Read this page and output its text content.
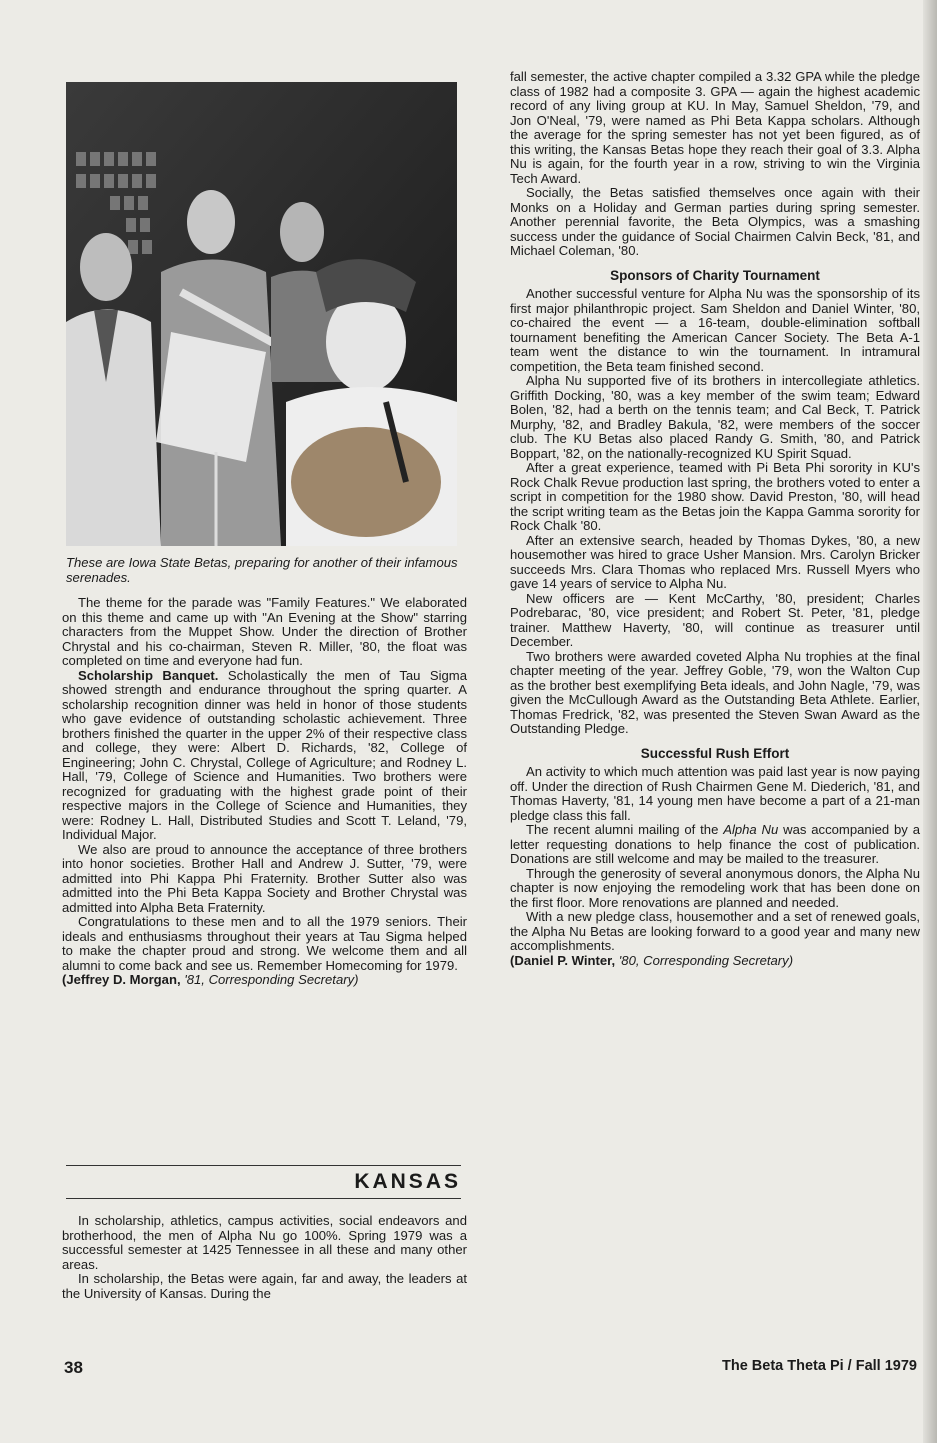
These are Iowa State Betas, preparing for another of their infamous serenades.

The theme for the parade was "Family Features." We elaborated on this theme and came up with "An Evening at the Show" starring characters from the Muppet Show. Under the direction of Brother Chrystal and his co-chairman, Steven R. Miller, '80, the float was completed on time and everyone had fun.

Scholarship Banquet. Scholastically the men of Tau Sigma showed strength and endurance throughout the spring quarter. A scholarship recognition dinner was held in honor of those students who gave evidence of outstanding scholastic achievement. Three brothers finished the quarter in the upper 2% of their respective class and college, they were: Albert D. Richards, '82, College of Engineering; John C. Chrystal, College of Agriculture; and Rodney L. Hall, '79, College of Science and Humanities. Two brothers were recognized for graduating with the highest grade point of their respective majors in the College of Science and Humanities, they were: Rodney L. Hall, Distributed Studies and Scott T. Leland, '79, Individual Major.

We also are proud to announce the acceptance of three brothers into honor societies. Brother Hall and Andrew J. Sutter, '79, were admitted into Phi Kappa Phi Fraternity. Brother Sutter also was admitted into the Phi Beta Kappa Society and Brother Chrystal was admitted into Alpha Beta Fraternity.

Congratulations to these men and to all the 1979 seniors. Their ideals and enthusiasms throughout their years at Tau Sigma helped to make the chapter proud and strong. We welcome them and all alumni to come back and see us. Remember Homecoming for 1979.

(Jeffrey D. Morgan, '81, Corresponding Secretary)

KANSAS

In scholarship, athletics, campus activities, social endeavors and brotherhood, the men of Alpha Nu go 100%. Spring 1979 was a successful semester at 1425 Tennessee in all these and many other areas.

In scholarship, the Betas were again, far and away, the leaders at the University of Kansas. During the

fall semester, the active chapter compiled a 3.32 GPA while the pledge class of 1982 had a composite 3. GPA — again the highest academic record of any living group at KU. In May, Samuel Sheldon, '79, and Jon O'Neal, '79, were named as Phi Beta Kappa scholars. Although the average for the spring semester has not yet been figured, as of this writing, the Kansas Betas hope they reach their goal of 3.3. Alpha Nu is again, for the fourth year in a row, striving to win the Virginia Tech Award.

Socially, the Betas satisfied themselves once again with their Monks on a Holiday and German parties during spring semester. Another perennial favorite, the Beta Olympics, was a smashing success under the guidance of Social Chairmen Calvin Beck, '81, and Michael Coleman, '80.

Sponsors of Charity Tournament

Another successful venture for Alpha Nu was the sponsorship of its first major philanthropic project. Sam Sheldon and Daniel Winter, '80, co-chaired the event — a 16-team, double-elimination softball tournament benefiting the American Cancer Society. The Beta A-1 team went the distance to win the tournament. In intramural competition, the Beta team finished second.

Alpha Nu supported five of its brothers in intercollegiate athletics. Griffith Docking, '80, was a key member of the swim team; Edward Bolen, '82, had a berth on the tennis team; and Cal Beck, T. Patrick Murphy, '82, and Bradley Bakula, '82, were members of the soccer club. The KU Betas also placed Randy G. Smith, '80, and Patrick Boppart, '82, on the nationally-recognized KU Spirit Squad.

After a great experience, teamed with Pi Beta Phi sorority in KU's Rock Chalk Revue production last spring, the brothers voted to enter a script in competition for the 1980 show. David Preston, '80, will head the script writing team as the Betas join the Kappa Gamma sorority for Rock Chalk '80.

After an extensive search, headed by Thomas Dykes, '80, a new housemother was hired to grace Usher Mansion. Mrs. Carolyn Bricker succeeds Mrs. Clara Thomas who replaced Mrs. Russell Myers who gave 14 years of service to Alpha Nu.

New officers are — Kent McCarthy, '80, president; Charles Podrebarac, '80, vice president; and Robert St. Peter, '81, pledge trainer. Matthew Haverty, '80, will continue as treasurer until December.

Two brothers were awarded coveted Alpha Nu trophies at the final chapter meeting of the year. Jeffrey Goble, '79, won the Walton Cup as the brother best exemplifying Beta ideals, and John Nagle, '79, was given the McCullough Award as the Outstanding Beta Athlete. Earlier, Thomas Fredrick, '82, was presented the Steven Swan Award as the Outstanding Pledge.

Successful Rush Effort

An activity to which much attention was paid last year is now paying off. Under the direction of Rush Chairmen Gene M. Diederich, '81, and Thomas Haverty, '81, 14 young men have become a part of a 21-man pledge class this fall.

The recent alumni mailing of the Alpha Nu was accompanied by a letter requesting donations to help finance the cost of publication. Donations are still welcome and may be mailed to the treasurer.

Through the generosity of several anonymous donors, the Alpha Nu chapter is now enjoying the remodeling work that has been done on the first floor. More renovations are planned and needed.

With a new pledge class, housemother and a set of renewed goals, the Alpha Nu Betas are looking forward to a good year and many new accomplishments.

(Daniel P. Winter, '80, Corresponding Secretary)

38	The Beta Theta Pi / Fall 1979
